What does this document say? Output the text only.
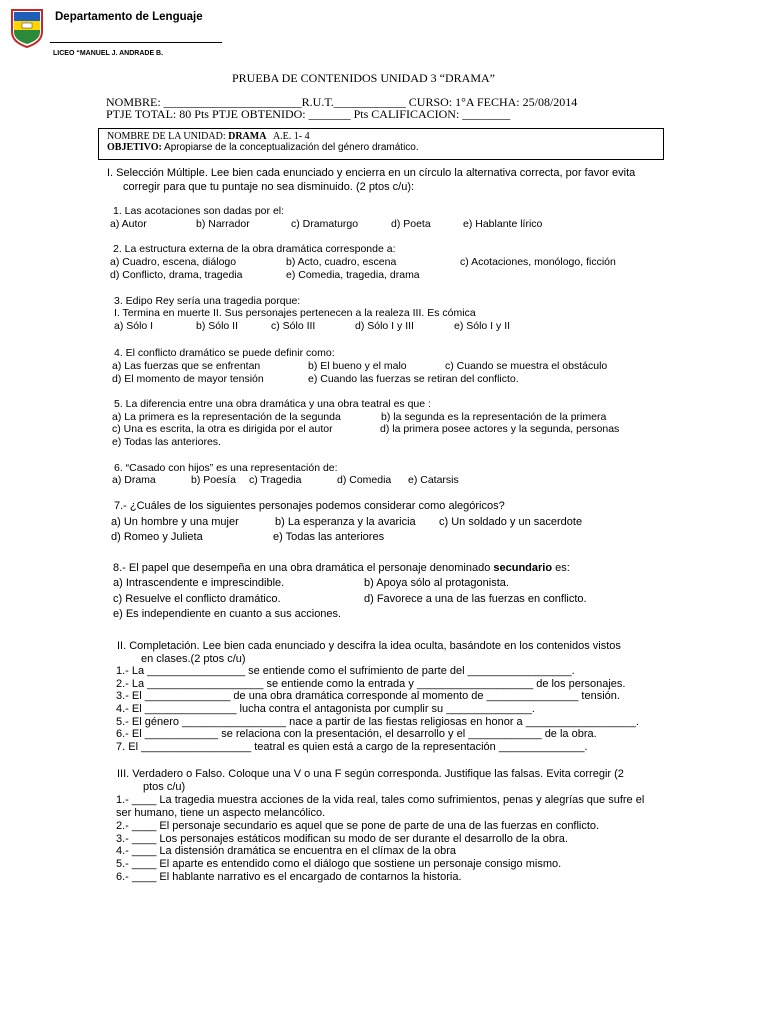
Departamento de Lenguaje
LICEO “MANUEL J. ANDRADE B.
PRUEBA DE CONTENIDOS UNIDAD 3 “DRAMA”
NOMBRE: _______________________R.U.T.____________ CURSO: 1°A FECHA: 25/08/2014
PTJE TOTAL: 80 Pts PTJE OBTENIDO: _______ Pts CALIFICACION: ________
NOMBRE DE LA UNIDAD: DRAMA A.E. 1- 4
OBJETIVO: Apropiarse de la conceptualización del género dramático.
I. Selección Múltiple. Lee bien cada enunciado y encierra en un círculo la alternativa correcta, por favor evita
corregir para que tu puntaje no sea disminuido. (2 ptos c/u):
1. Las acotaciones son dadas por el:
a) Autor	b) Narrador	c) Dramaturgo	d) Poeta	e) Hablante lírico
2. La estructura externa de la obra dramática corresponde a:
a) Cuadro, escena, diálogo	b) Acto, cuadro, escena	c) Acotaciones, monólogo, ficción
d) Conflicto, drama, tragedia	e) Comedia, tragedia, drama
3. Edipo Rey sería una tragedia porque:
I. Termina en muerte II. Sus personajes pertenecen a la realeza III. Es cómica
a) Sólo I	b) Sólo II	c) Sólo III	d) Sólo I y III	e) Sólo I y II
4. El conflicto dramático se puede definir como:
a) Las fuerzas que se enfrentan	b) El bueno y el malo	c) Cuando se muestra el obstáculo
d) El momento de mayor tensión	e) Cuando las fuerzas se retiran del conflicto.
5. La diferencia entre una obra dramática y una obra teatral es que :
a) La primera es la representación de la segunda	b) la segunda es la representación de la primera
c) Una es escrita, la otra es dirigida por el autor	d) la primera posee actores y la segunda, personas
e) Todas las anteriores.
6. “Casado con hijos” es una representación de:
a) Drama	b) Poesía c) Tragedia	d) Comedia e) Catarsis
7.- ¿Cuáles de los siguientes personajes podemos considerar como alegóricos?
a) Un hombre y una mujer	b) La esperanza y la avaricia c) Un soldado y un sacerdote
d) Romeo y Julieta	e) Todas las anteriores
8.- El papel que desempeña en una obra dramática el personaje denominado secundario es:
a) Intrascendente e imprescindible.	b) Apoya sólo al protagonista.
c) Resuelve el conflicto dramático.	d) Favorece a una de las fuerzas en conflicto.
e) Es independiente en cuanto a sus acciones.
II. Completación. Lee bien cada enunciado y descifra la idea oculta, basándote en los contenidos vistos
en clases.(2 ptos c/u)
1.- La ________________ se entiende como el sufrimiento de parte del _________________.
2.- La ___________________ se entiende como la entrada y ___________________ de los personajes.
3.- El ______________ de una obra dramática corresponde al momento de _______________ tensión.
4.- El _______________ lucha contra el antagonista por cumplir su ______________.
5.- El género _________________ nace a partir de las fiestas religiosas en honor a __________________.
6.- El ____________ se relaciona con la presentación, el desarrollo y el ____________ de la obra.
7. El __________________ teatral es quien está a cargo de la representación ______________.
III. Verdadero o Falso. Coloque una V o una F según corresponda. Justifique las falsas. Evita corregir (2
ptos c/u)
1.- ____ La tragedia muestra acciones de la vida real, tales como sufrimientos, penas y alegrías que sufre el
ser humano, tiene un aspecto melancólico.
2.- ____ El personaje secundario es aquel que se pone de parte de una de las fuerzas en conflicto.
3.- ____ Los personajes estáticos modifican su modo de ser durante el desarrollo de la obra.
4.- ____ La distensión dramática se encuentra en el clímax de la obra
5.- ____ El aparte es entendido como el diálogo que sostiene un personaje consigo mismo.
6.- ____ El hablante narrativo es el encargado de contarnos la historia.
